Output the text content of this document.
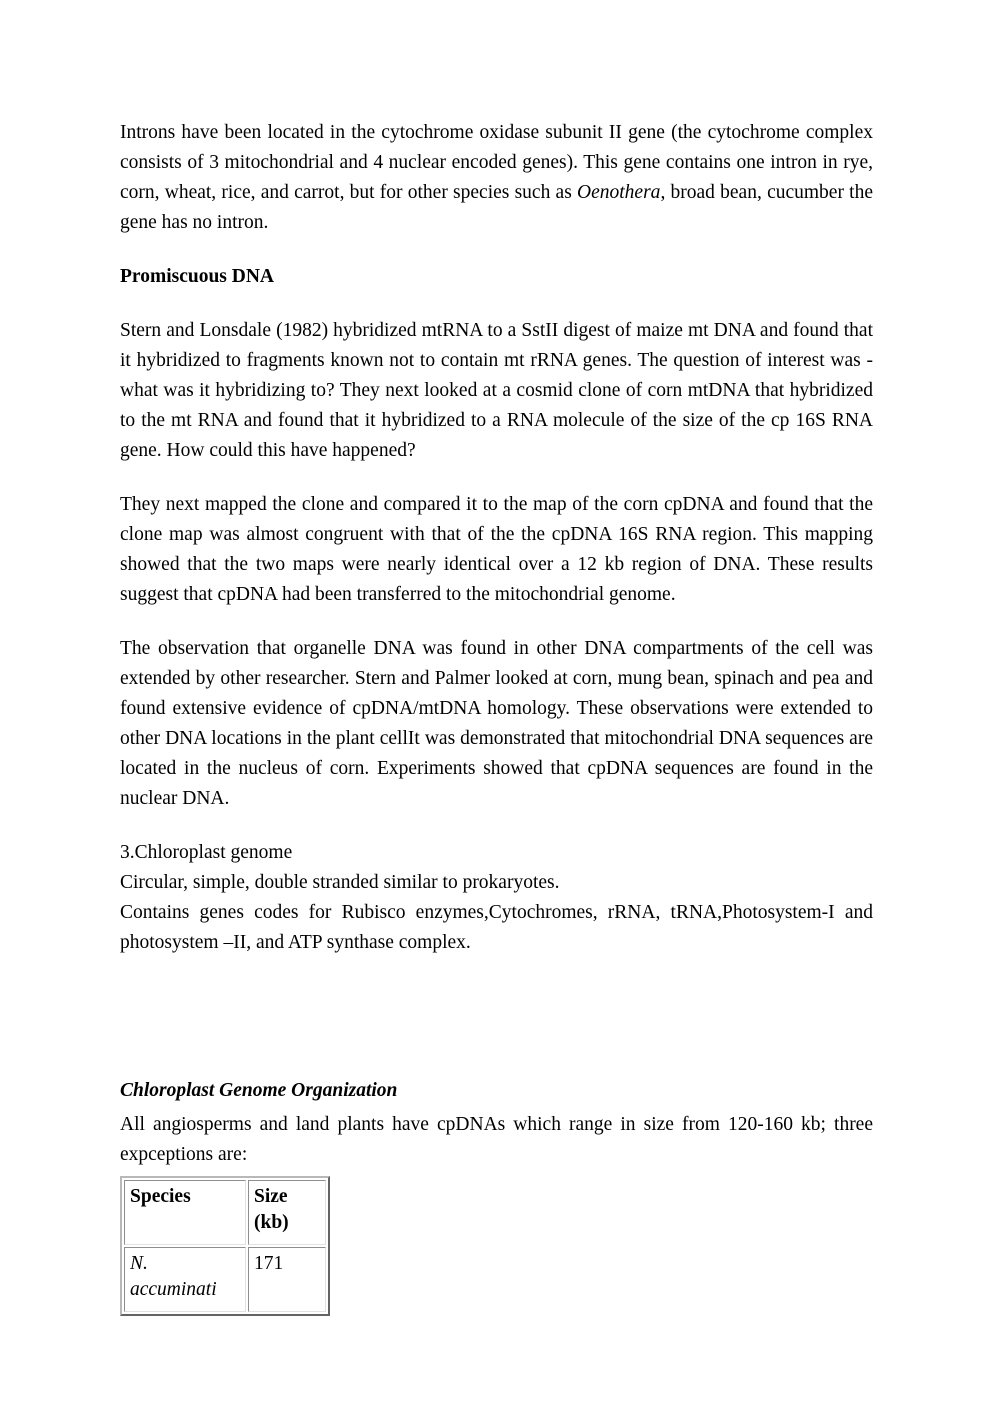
Introns have been located in the cytochrome oxidase subunit II gene (the cytochrome complex consists of 3 mitochondrial and 4 nuclear encoded genes). This gene contains one intron in rye, corn, wheat, rice, and carrot, but for other species such as Oenothera, broad bean, cucumber the gene has no intron.

Promiscuous DNA

Stern and Lonsdale (1982) hybridized mtRNA to a SstII digest of maize mt DNA and found that it hybridized to fragments known not to contain mt rRNA genes. The question of interest was - what was it hybridizing to? They next looked at a cosmid clone of corn mtDNA that hybridized to the mt RNA and found that it hybridized to a RNA molecule of the size of the cp 16S RNA gene. How could this have happened?

They next mapped the clone and compared it to the map of the corn cpDNA and found that the clone map was almost congruent with that of the the cpDNA 16S RNA region. This mapping showed that the two maps were nearly identical over a 12 kb region of DNA. These results suggest that cpDNA had been transferred to the mitochondrial genome.

The observation that organelle DNA was found in other DNA compartments of the cell was extended by other researcher. Stern and Palmer looked at corn, mung bean, spinach and pea and found extensive evidence of cpDNA/mtDNA homology. These observations were extended to other DNA locations in the plant cellIt was demonstrated that mitochondrial DNA sequences are located in the nucleus of corn. Experiments showed that cpDNA sequences are found in the nuclear DNA.

3.Chloroplast genome

Circular, simple, double stranded similar to prokaryotes.

Contains genes codes for Rubisco enzymes,Cytochromes, rRNA, tRNA,Photosystem-I and photosystem –II, and ATP synthase complex.

Chloroplast Genome Organization

All angiosperms and land plants have cpDNAs which range in size from 120-160 kb; three expceptions are:

Species	Size (kb)
N. accuminati	171
